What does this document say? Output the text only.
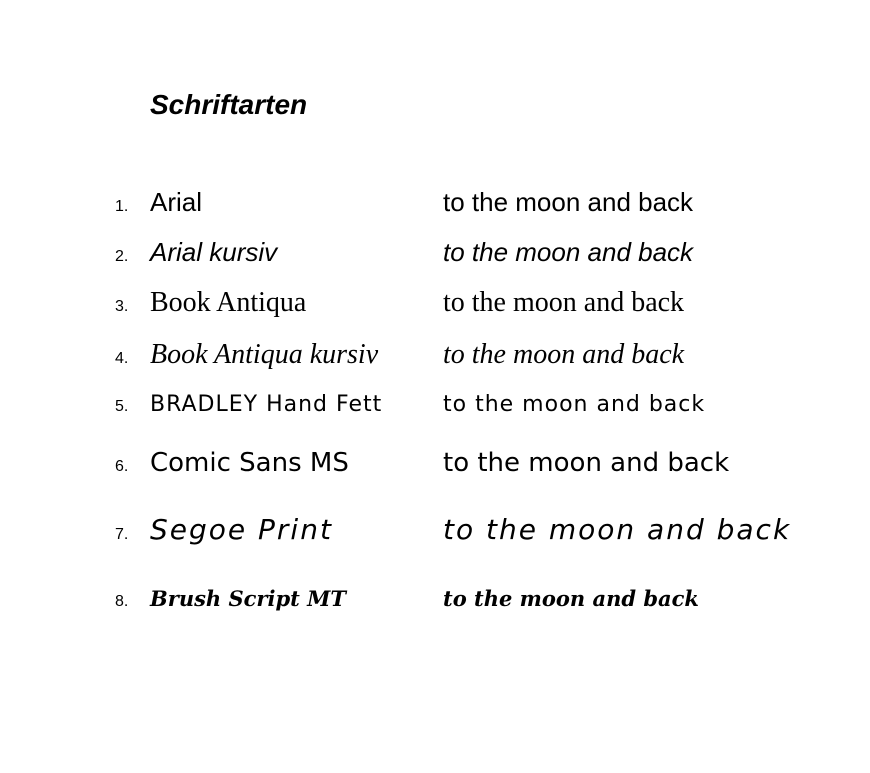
Schriftarten
1. Arial	to the moon and back
2. Arial kursiv	to the moon and back
3. Book Antiqua	to the moon and back
4. Book Antiqua kursiv	to the moon and back
5. BRADLEY Hand Fett	to the moon and back
6. Comic Sans MS	to the moon and back
7. Segoe Print	to the moon and back
8.	Brush Script MT	to the moon and back
